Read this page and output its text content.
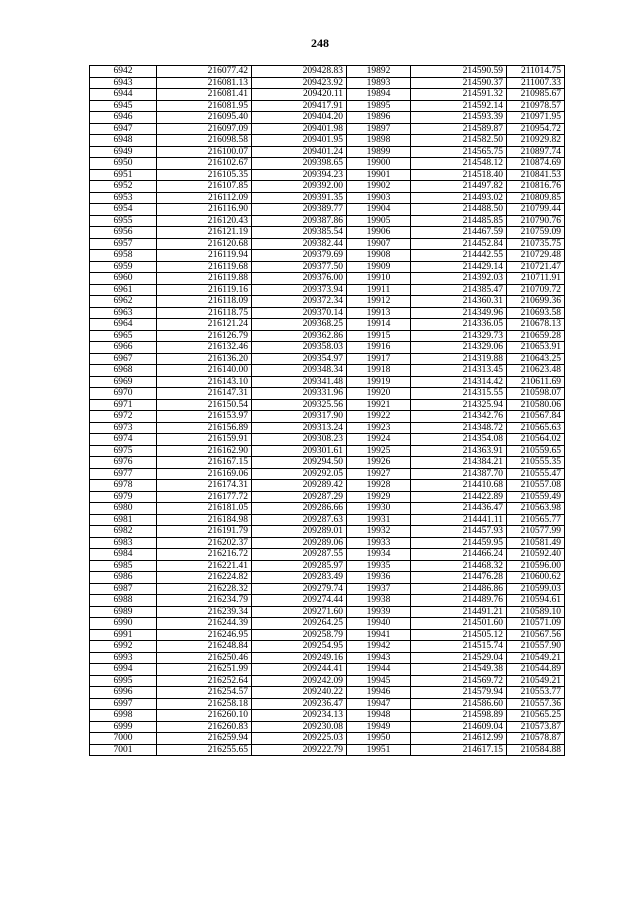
248
6942	216077.42	209428.83	19892	214590.59	211014.75
6943	216081.13	209423.92	19893	214590.37	211007.33
6944	216081.41	209420.11	19894	214591.32	210985.67
6945	216081.95	209417.91	19895	214592.14	210978.57
6946	216095.40	209404.20	19896	214593.39	210971.95
6947	216097.09	209401.98	19897	214589.87	210954.72
6948	216098.58	209401.95	19898	214582.50	210929.82
6949	216100.07	209401.24	19899	214565.75	210897.74
6950	216102.67	209398.65	19900	214548.12	210874.69
6951	216105.35	209394.23	19901	214518.40	210841.53
6952	216107.85	209392.00	19902	214497.82	210816.76
6953	216112.09	209391.35	19903	214493.02	210809.85
6954	216116.90	209389.77	19904	214488.50	210799.44
6955	216120.43	209387.86	19905	214485.85	210790.76
6956	216121.19	209385.54	19906	214467.59	210759.09
6957	216120.68	209382.44	19907	214452.84	210735.75
6958	216119.94	209379.69	19908	214442.55	210729.48
6959	216119.68	209377.50	19909	214429.14	210721.47
6960	216119.88	209376.00	19910	214392.03	210711.91
6961	216119.16	209373.94	19911	214385.47	210709.72
6962	216118.09	209372.34	19912	214360.31	210699.36
6963	216118.75	209370.14	19913	214349.96	210693.58
6964	216121.24	209368.25	19914	214336.05	210678.13
6965	216126.79	209362.86	19915	214329.73	210659.28
6966	216132.46	209358.03	19916	214329.06	210653.91
6967	216136.20	209354.97	19917	214319.88	210643.25
6968	216140.00	209348.34	19918	214313.45	210623.48
6969	216143.10	209341.48	19919	214314.42	210611.69
6970	216147.31	209331.96	19920	214315.55	210598.07
6971	216150.54	209325.56	19921	214325.94	210580.06
6972	216153.97	209317.90	19922	214342.76	210567.84
6973	216156.89	209313.24	19923	214348.72	210565.63
6974	216159.91	209308.23	19924	214354.08	210564.02
6975	216162.90	209301.61	19925	214363.91	210559.65
6976	216167.15	209294.50	19926	214384.21	210555.35
6977	216169.06	209292.05	19927	214387.70	210555.47
6978	216174.31	209289.42	19928	214410.68	210557.08
6979	216177.72	209287.29	19929	214422.89	210559.49
6980	216181.05	209286.66	19930	214436.47	210563.98
6981	216184.98	209287.63	19931	214441.11	210565.77
6982	216191.79	209289.01	19932	214457.93	210577.99
6983	216202.37	209289.06	19933	214459.95	210581.49
6984	216216.72	209287.55	19934	214466.24	210592.40
6985	216221.41	209285.97	19935	214468.32	210596.00
6986	216224.82	209283.49	19936	214476.28	210600.62
6987	216228.32	209279.74	19937	214486.86	210599.03
6988	216234.79	209274.44	19938	214489.76	210594.61
6989	216239.34	209271.60	19939	214491.21	210589.10
6990	216244.39	209264.25	19940	214501.60	210571.09
6991	216246.95	209258.79	19941	214505.12	210567.56
6992	216248.84	209254.95	19942	214515.74	210557.90
6993	216250.46	209249.16	19943	214529.04	210549.21
6994	216251.99	209244.41	19944	214549.38	210544.89
6995	216252.64	209242.09	19945	214569.72	210549.21
6996	216254.57	209240.22	19946	214579.94	210553.77
6997	216258.18	209236.47	19947	214586.60	210557.36
6998	216260.10	209234.13	19948	214598.89	210565.25
6999	216260.83	209230.08	19949	214609.04	210573.87
7000	216259.94	209225.03	19950	214612.99	210578.87
7001	216255.65	209222.79	19951	214617.15	210584.88
